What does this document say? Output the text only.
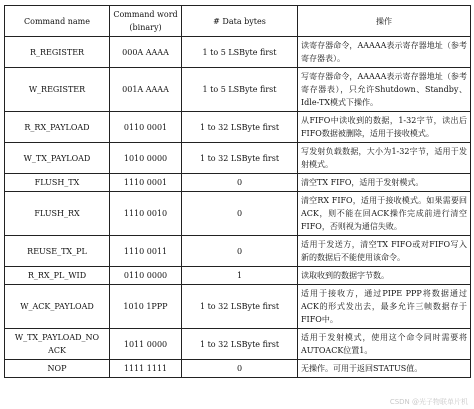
Command name	Command word (binary)	# Data bytes	操作
R_REGISTER	000A AAAA	1 to 5 LSByte first	读寄存器命令，AAAAA表示寄存器地址（参考寄存器表）。
W_REGISTER	001A AAAA	1 to 5 LSByte first	写寄存器命令，AAAAA表示寄存器地址（参考寄存器表），只允许Shutdown、Standby、Idle-TX模式下操作。
R_RX_PAYLOAD	0110 0001	1 to 32 LSByte first	从FIFO中读收到的数据，1-32字节，读出后FIFO数据被删除，适用于接收模式。
W_TX_PAYLOAD	1010 0000	1 to 32 LSByte first	写发射负载数据，大小为1-32字节，适用于发射模式。
FLUSH_TX	1110 0001	0	清空TX FIFO，适用于发射模式。
FLUSH_RX	1110 0010	0	清空RX FIFO，适用于接收模式。如果需要回ACK，则不能在回ACK操作完成前进行清空FIFO，否则视为通信失败。
REUSE_TX_PL	1110 0011	0	适用于发送方，清空TX FIFO或对FIFO写入新的数据后不能使用该命令。
R_RX_PL_WID	0110 0000	1	读取收到的数据字节数。
W_ACK_PAYLOAD	1010 1PPP	1 to 32 LSByte first	适用于接收方，通过PIPE PPP将数据通过ACK的形式发出去，最多允许三帧数据存于FIFO中。
W_TX_PAYLOAD_NO ACK	1011 0000	1 to 32 LSByte first	适用于发射模式，使用这个命令同时需要将AUTOACK位置1。
NOP	1111 1111	0	无操作。可用于返回STATUS值。
CSDN @光子物联单片机
